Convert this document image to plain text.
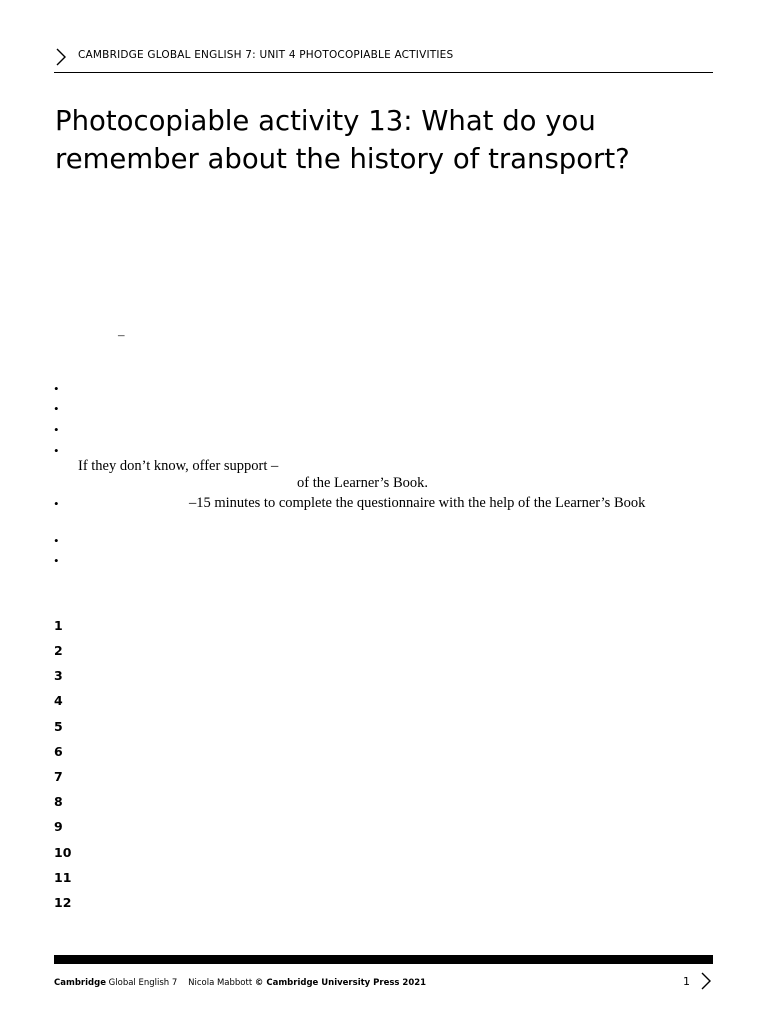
CAMBRIDGE GLOBAL ENGLISH 7: UNIT 4 PHOTOCOPIABLE ACTIVITIES
Photocopiable activity 13: What do you
remember about the history of transport?
–
•
•
•
•
If they don’t know, offer support –
of the Learner’s Book.
•	–15 minutes to complete the questionnaire with the help of the Learner’s Book
•
•
1
2
3
4
5
6
7
8
9
10
11
12
Cambridge Global English 7 Nicola Mabbott © Cambridge University Press 2021	1
